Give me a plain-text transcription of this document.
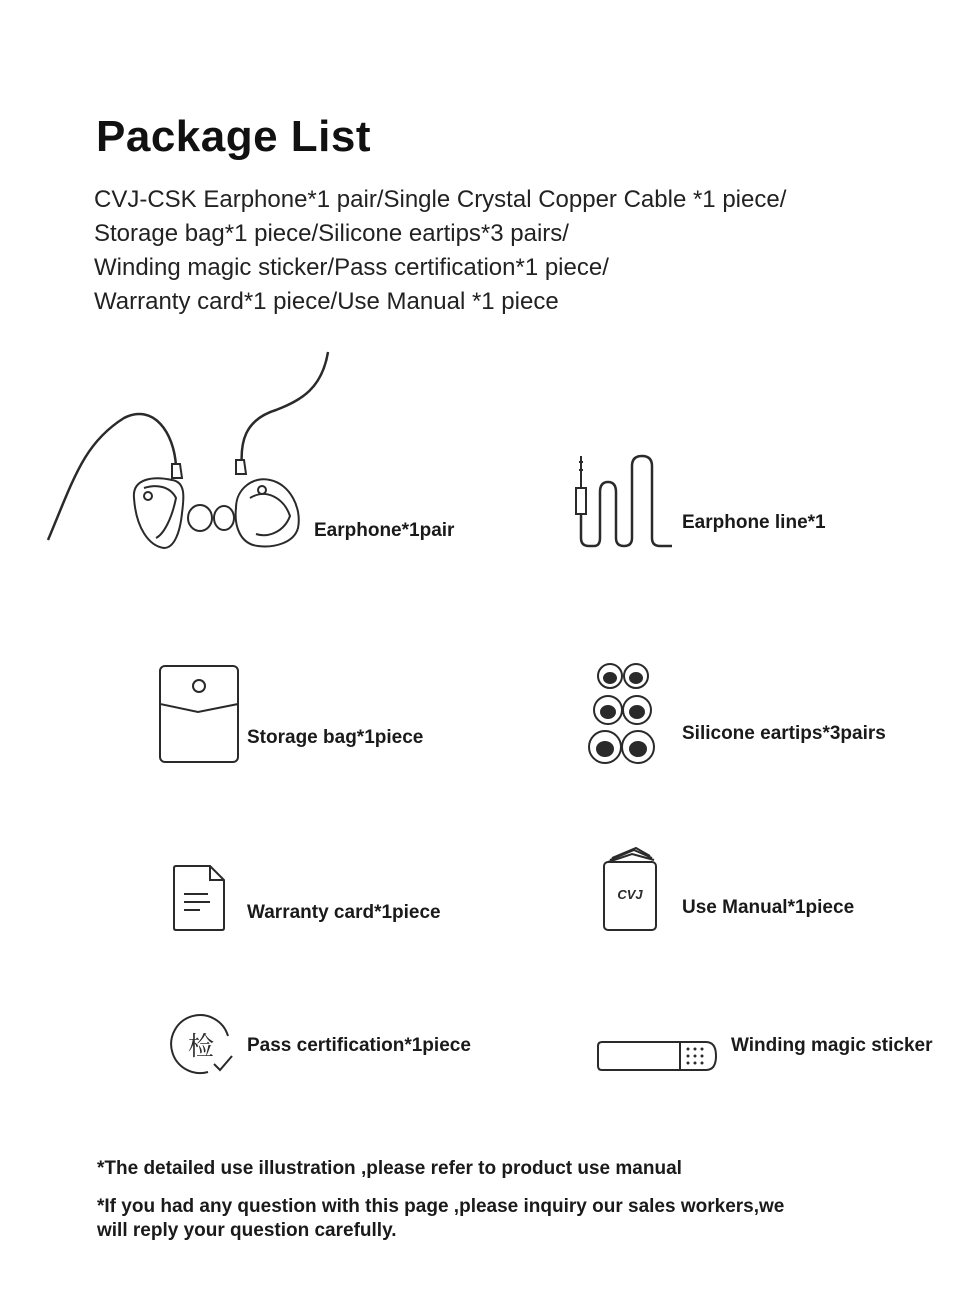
Package List
CVJ-CSK Earphone*1 pair/Single Crystal Copper Cable *1 piece/
Storage bag*1 piece/Silicone eartips*3 pairs/
Winding magic sticker/Pass certification*1 piece/
Warranty card*1 piece/Use Manual *1 piece
Earphone*1pair	Earphone line*1
Storage bag*1piece	Silicone eartips*3pairs
Warranty card*1piece
CVJ
Use Manual*1piece
检 Pass certification*1piece	Winding magic sticker
*The detailed use illustration ,please refer to product use manual
*If you had any question with this page ,please inquiry our sales workers,we will reply your question carefully.
